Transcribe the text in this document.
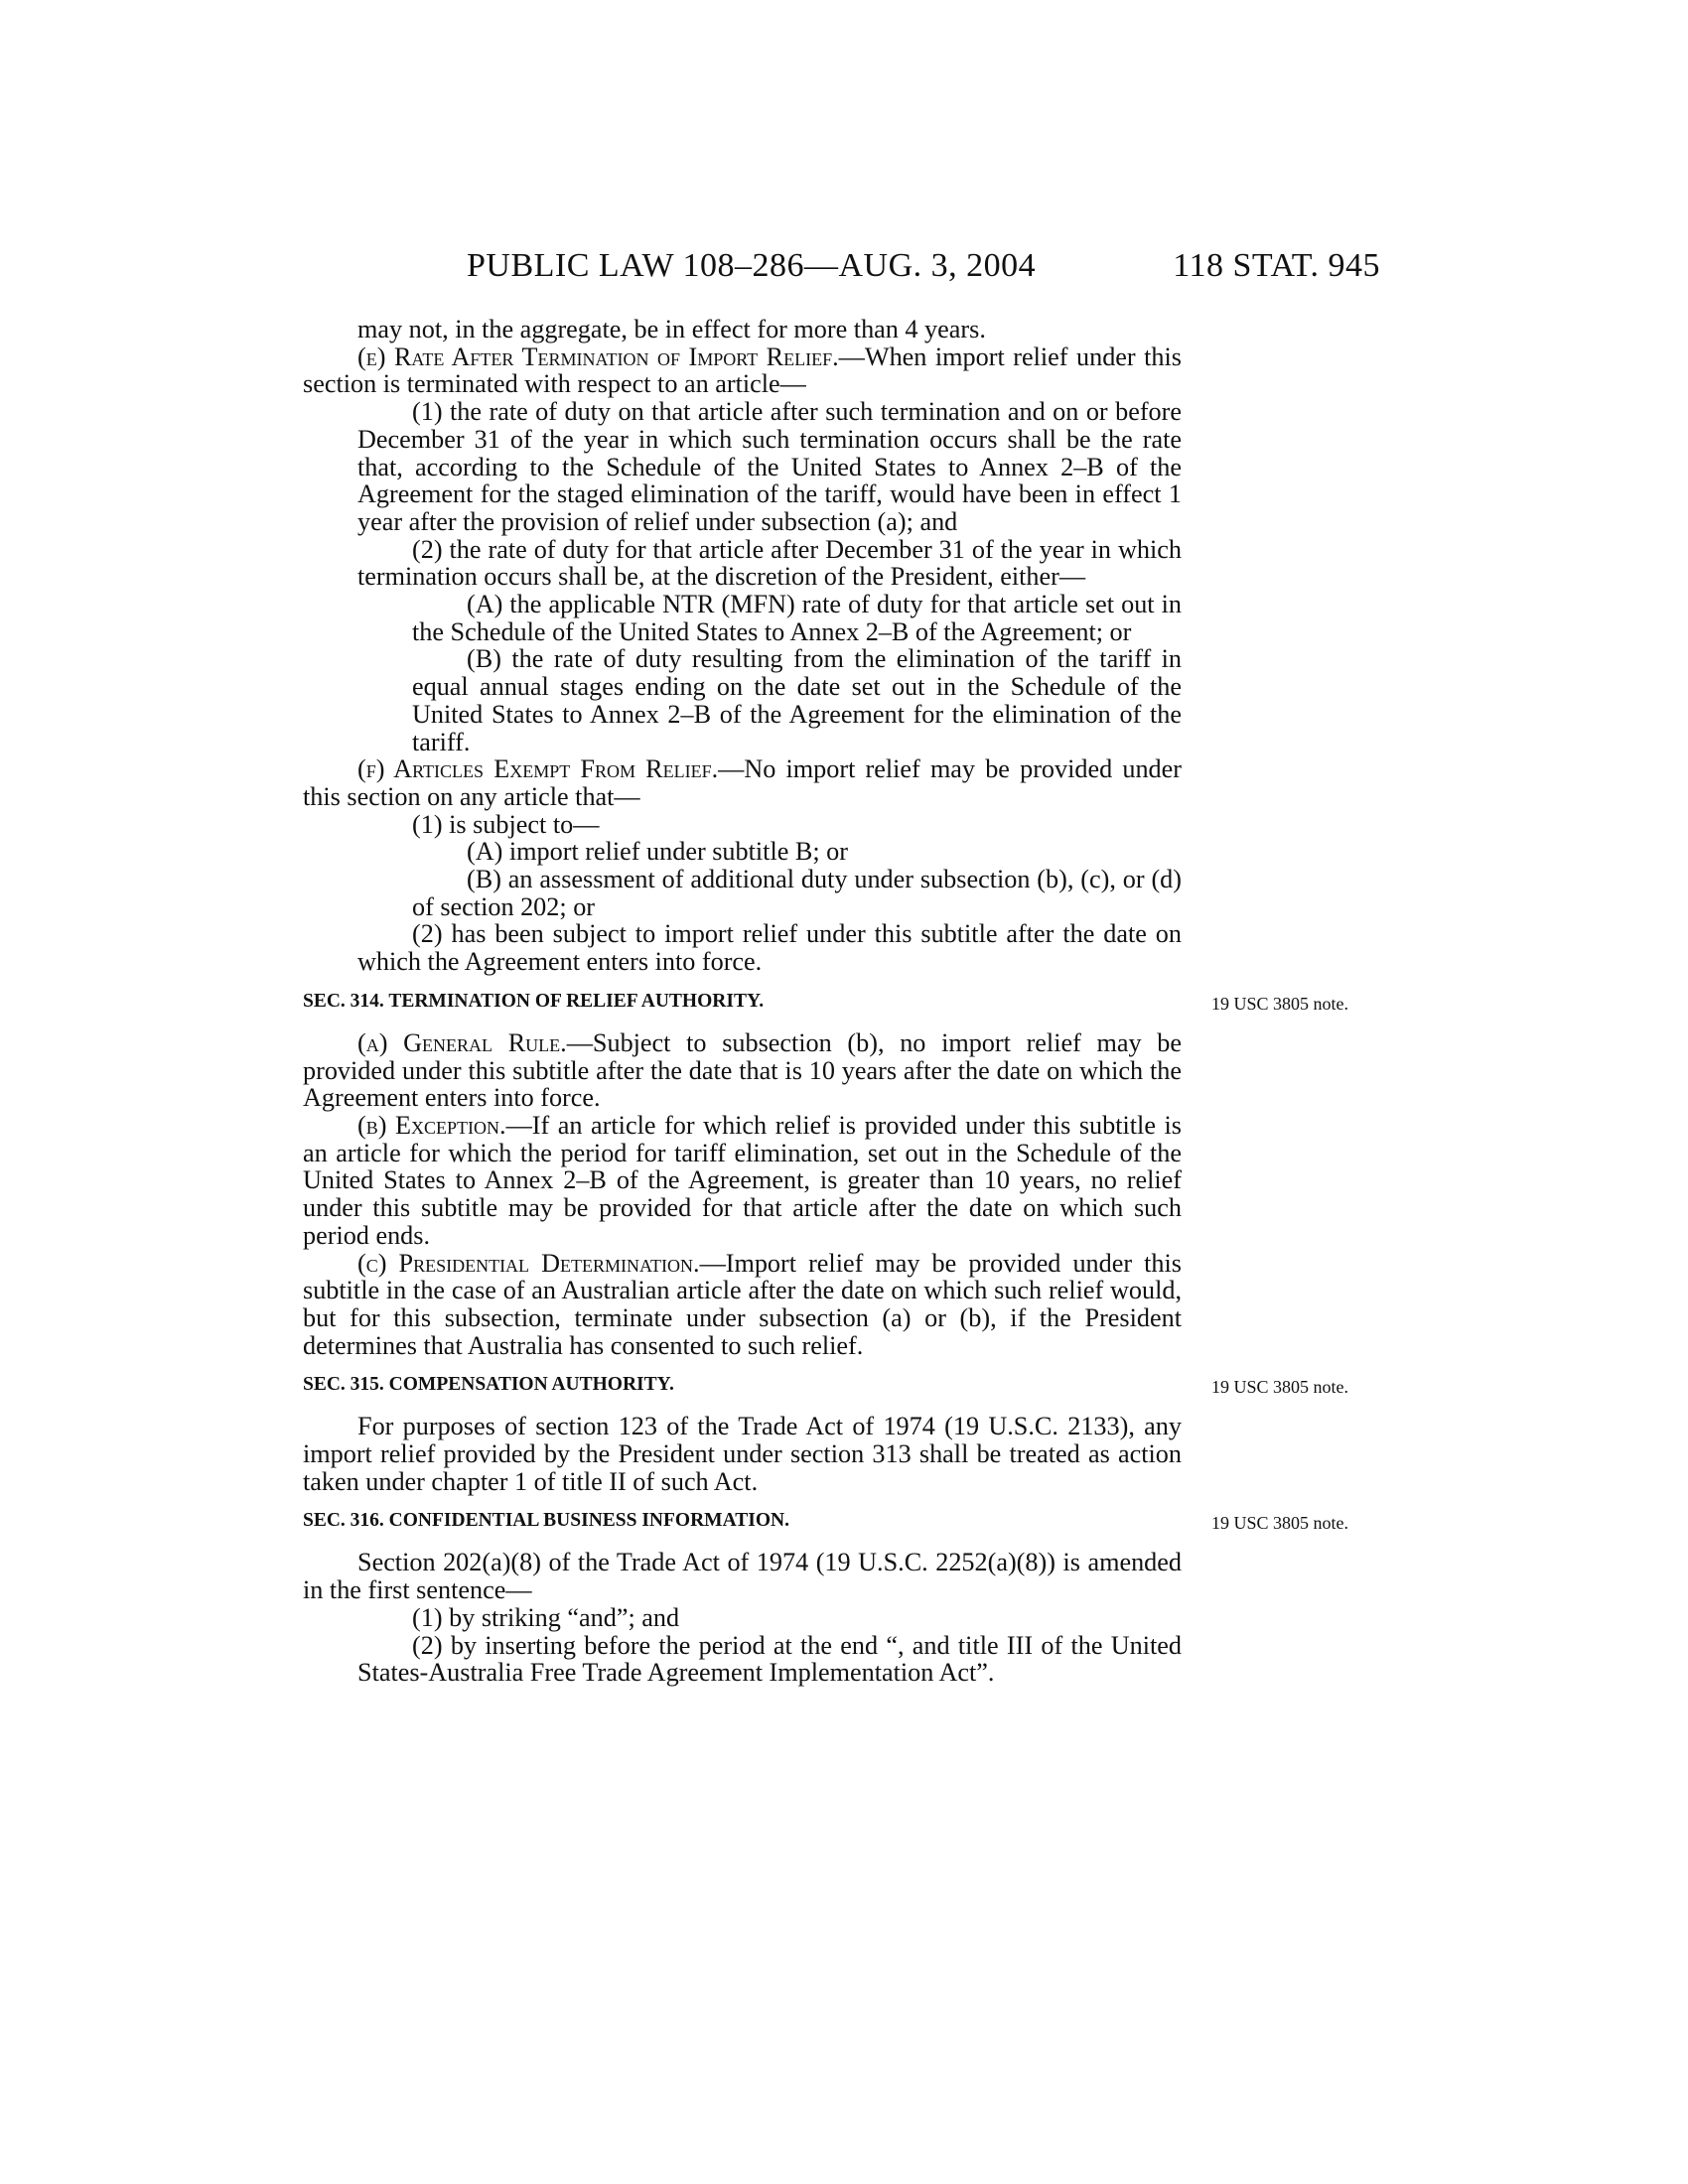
PUBLIC LAW 108–286—AUG. 3, 2004	118 STAT. 945

may not, in the aggregate, be in effect for more than 4 years.

(e) Rate After Termination of Import Relief.—When import relief under this section is terminated with respect to an article—

(1) the rate of duty on that article after such termination and on or before December 31 of the year in which such termination occurs shall be the rate that, according to the Schedule of the United States to Annex 2–B of the Agreement for the staged elimination of the tariff, would have been in effect 1 year after the provision of relief under subsection (a); and

(2) the rate of duty for that article after December 31 of the year in which termination occurs shall be, at the discretion of the President, either—

(A) the applicable NTR (MFN) rate of duty for that article set out in the Schedule of the United States to Annex 2–B of the Agreement; or

(B) the rate of duty resulting from the elimination of the tariff in equal annual stages ending on the date set out in the Schedule of the United States to Annex 2–B of the Agreement for the elimination of the tariff.

(f) Articles Exempt From Relief.—No import relief may be provided under this section on any article that—

(1) is subject to—

(A) import relief under subtitle B; or

(B) an assessment of additional duty under subsection (b), (c), or (d) of section 202; or

(2) has been subject to import relief under this subtitle after the date on which the Agreement enters into force.

SEC. 314. TERMINATION OF RELIEF AUTHORITY.	19 USC 3805 note.

(a) General Rule.—Subject to subsection (b), no import relief may be provided under this subtitle after the date that is 10 years after the date on which the Agreement enters into force.

(b) Exception.—If an article for which relief is provided under this subtitle is an article for which the period for tariff elimination, set out in the Schedule of the United States to Annex 2–B of the Agreement, is greater than 10 years, no relief under this subtitle may be provided for that article after the date on which such period ends.

(c) Presidential Determination.—Import relief may be provided under this subtitle in the case of an Australian article after the date on which such relief would, but for this subsection, terminate under subsection (a) or (b), if the President determines that Australia has consented to such relief.

SEC. 315. COMPENSATION AUTHORITY.	19 USC 3805 note.

For purposes of section 123 of the Trade Act of 1974 (19 U.S.C. 2133), any import relief provided by the President under section 313 shall be treated as action taken under chapter 1 of title II of such Act.

SEC. 316. CONFIDENTIAL BUSINESS INFORMATION.	19 USC 3805 note.

Section 202(a)(8) of the Trade Act of 1974 (19 U.S.C. 2252(a)(8)) is amended in the first sentence—

(1) by striking “and”; and

(2) by inserting before the period at the end “, and title III of the United States-Australia Free Trade Agreement Implementation Act”.
